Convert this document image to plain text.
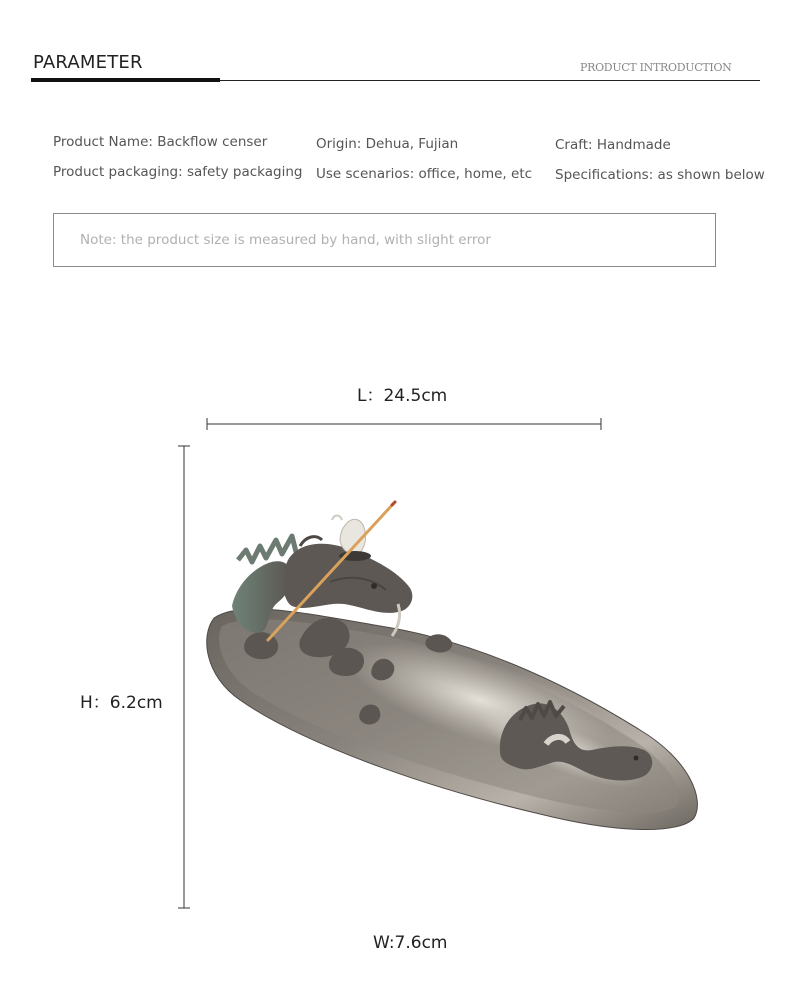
PARAMETER	PRODUCT INTRODUCTION
Product Name: Backflow censer
Product packaging: safety packaging
Origin: Dehua, Fujian
Use scenarios: office, home, etc
Craft: Handmade
Specifications: as shown below
Note: the product size is measured by hand, with slight error
L：24.5cm
H：6.2cm
W:7.6cm
